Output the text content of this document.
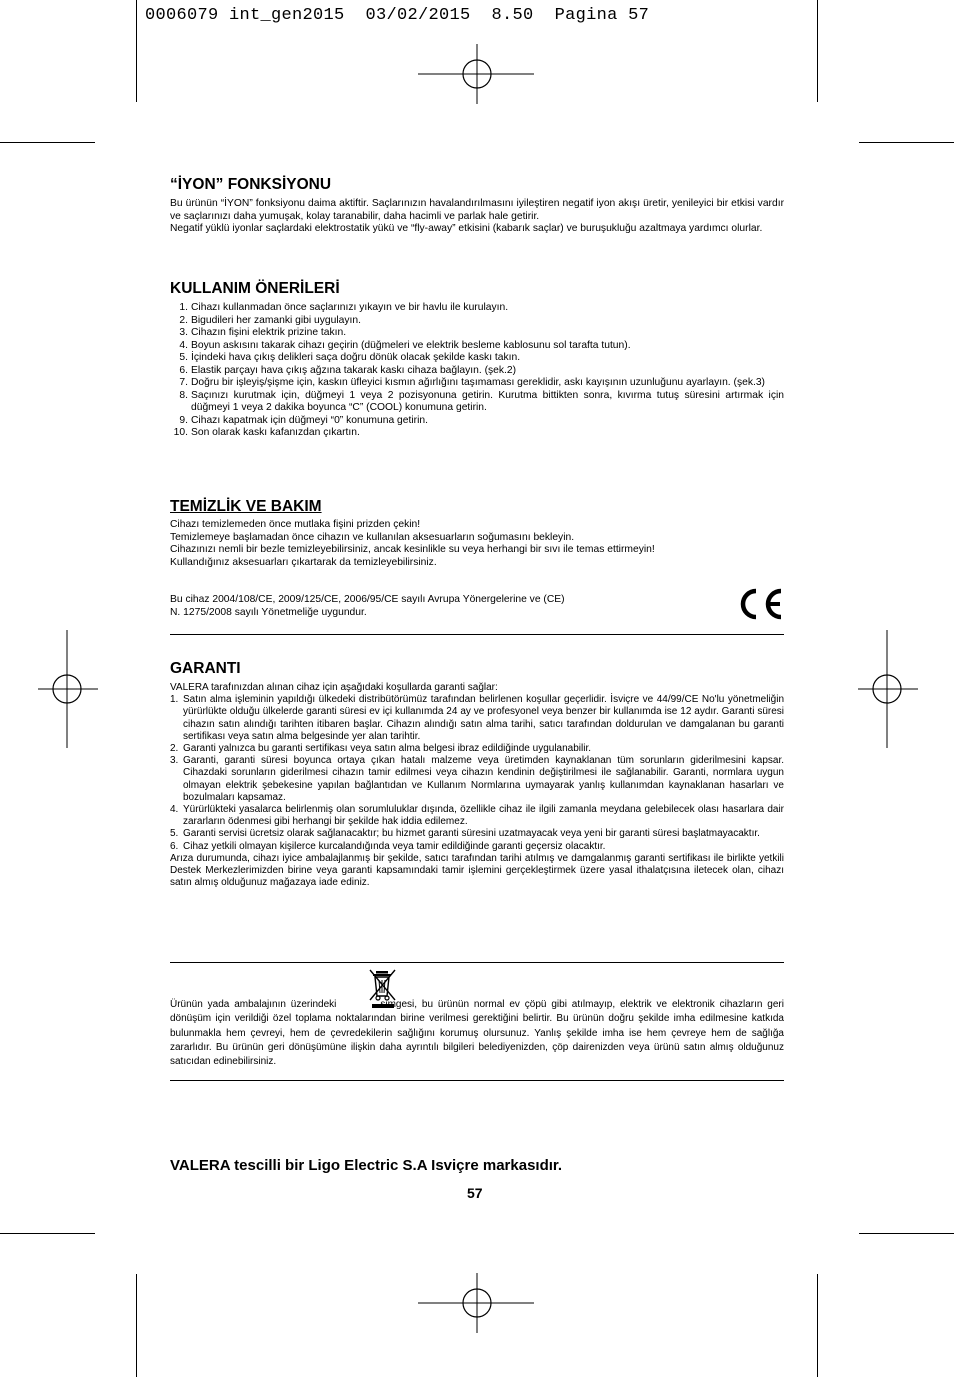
0006079 int_gen2015  03/02/2015  8.50  Pagina 57
“İYON” FONKSİYONU

Bu ürünün “İYON” fonksiyonu daima aktiftir. Saçlarınızın havalandırılmasını iyileştiren negatif iyon akışı üretir, yenileyici bir etkisi vardır ve saçlarınızı daha yumuşak, kolay taranabilir, daha hacimli ve parlak hale getirir.

Negatif yüklü iyonlar saçlardaki elektrostatik yükü ve “fly-away” etkisini (kabarık saçlar) ve buruşukluğu azaltmaya yardımcı olurlar.

KULLANIM ÖNERİLERİ
1. Cihazı kullanmadan önce saçlarınızı yıkayın ve bir havlu ile kurulayın.
2. Bigudileri her zamanki gibi uygulayın.
3. Cihazın fişini elektrik prizine takın.
4. Boyun askısını takarak cihazı geçirin (düğmeleri ve elektrik besleme kablosunu sol tarafta tutun).
5. İçindeki hava çıkış delikleri saça doğru dönük olacak şekilde kaskı takın.
6. Elastik parçayı hava çıkış ağzına takarak kaskı cihaza bağlayın. (şek.2)
7. Doğru bir işleyiş/şişme için, kaskın üfleyici kısmın ağırlığını taşımaması gereklidir, askı kayışının uzunluğunu ayarlayın. (şek.3)
8. Saçınızı kurutmak için, düğmeyi 1 veya 2 pozisyonuna getirin. Kurutma bittikten sonra, kıvırma tutuş süresini artırmak için düğmeyi 1 veya 2 dakika boyunca “C” (COOL) konumuna getirin.
9. Cihazı kapatmak için düğmeyi “0” konumuna getirin.
10. Son olarak kaskı kafanızdan çıkartın.
TEMİZLİK VE BAKIM

Cihazı temizlemeden önce mutlaka fişini prizden çekin!

Temizlemeye başlamadan önce cihazın ve kullanılan aksesuarların soğumasını bekleyin.

Cihazınızı nemli bir bezle temizleyebilirsiniz, ancak kesinlikle su veya herhangi bir sıvı ile temas ettirmeyin!

Kullandığınız aksesuarları çıkartarak da temizleyebilirsiniz.

Bu cihaz 2004/108/CE, 2009/125/CE, 2006/95/CE sayılı Avrupa Yönergelerine ve (CE)

N. 1275/2008 sayılı Yönetmeliğe uygundur.

GARANTI

VALERA tarafınızdan alınan cihaz için aşağıdaki koşullarda garanti sağlar:

1. Satın alma işleminin yapıldığı ülkedeki distribütörümüz tarafından belirlenen koşullar geçerlidir. İsviçre ve 44/99/CE No'lu yönetmeliğin yürürlükte olduğu ülkelerde garanti süresi ev içi kullanımda 24 ay ve profesyonel veya benzer bir kullanımda ise 12 aydır. Garanti süresi cihazın satın alındığı tarihten itibaren başlar. Cihazın alındığı satın alma tarihi, satıcı tarafından doldurulan ve damgalanan bu garanti sertifikası veya satın alma belgesinde yer alan tarihtir.
2. Garanti yalnızca bu garanti sertifikası veya satın alma belgesi ibraz edildiğinde uygulanabilir.
3. Garanti, garanti süresi boyunca ortaya çıkan hatalı malzeme veya üretimden kaynaklanan tüm sorunların giderilmesini kapsar. Cihazdaki sorunların giderilmesi cihazın tamir edilmesi veya cihazın kendinin değiştirilmesi ile sağlanabilir. Garanti, normlara uygun olmayan elektrik şebekesine yapılan bağlantıdan ve Kullanım Normlarına uymayarak yanlış kullanımdan kaynaklanan hasarları ve bozulmaları kapsamaz.
4. Yürürlükteki yasalarca belirlenmiş olan sorumluluklar dışında, özellikle cihaz ile ilgili zamanla meydana gelebilecek olası hasarlara dair zararların ödenmesi gibi herhangi bir şekilde hak iddia edilemez.
5. Garanti servisi ücretsiz olarak sağlanacaktır; bu hizmet garanti süresini uzatmayacak veya yeni bir garanti süresi başlatmayacaktır.
6. Cihaz yetkili olmayan kişilerce kurcalandığında veya tamir edildiğinde garanti geçersiz olacaktır.

Arıza durumunda, cihazı iyice ambalajlanmış bir şekilde, satıcı tarafından tarihi atılmış ve damgalanmış garanti sertifikası ile birlikte yetkili Destek Merkezlerimizden birine veya garanti kapsamındaki tamir işlemini gerçekleştirmek üzere yasal ithalatçısına iletecek olan, cihazı satın almış olduğunuz mağazaya iade ediniz.

Ürünün yada ambalajının üzerindeki	simgesi, bu ürünün normal ev çöpü gibi atılmayıp, elektrik ve elektronik cihazların geri dönüşüm için verildiği özel toplama noktalarından birine verilmesi gerektiğini belirtir. Bu ürünün doğru şekilde imha edilmesine katkıda bulunmakla hem çevreyi, hem de çevredekilerin sağlığını korumuş olursunuz. Yanlış şekilde imha ise hem çevreye hem de sağlığa zararlıdır. Bu ürünün geri dönüşümüne ilişkin daha ayrıntılı bilgileri belediyenizden, çöp dairenizden veya ürünü satın almış olduğunuz satıcıdan edinebilirsiniz.
VALERA tescilli bir Ligo Electric S.A Isviçre markasıdır.
57
